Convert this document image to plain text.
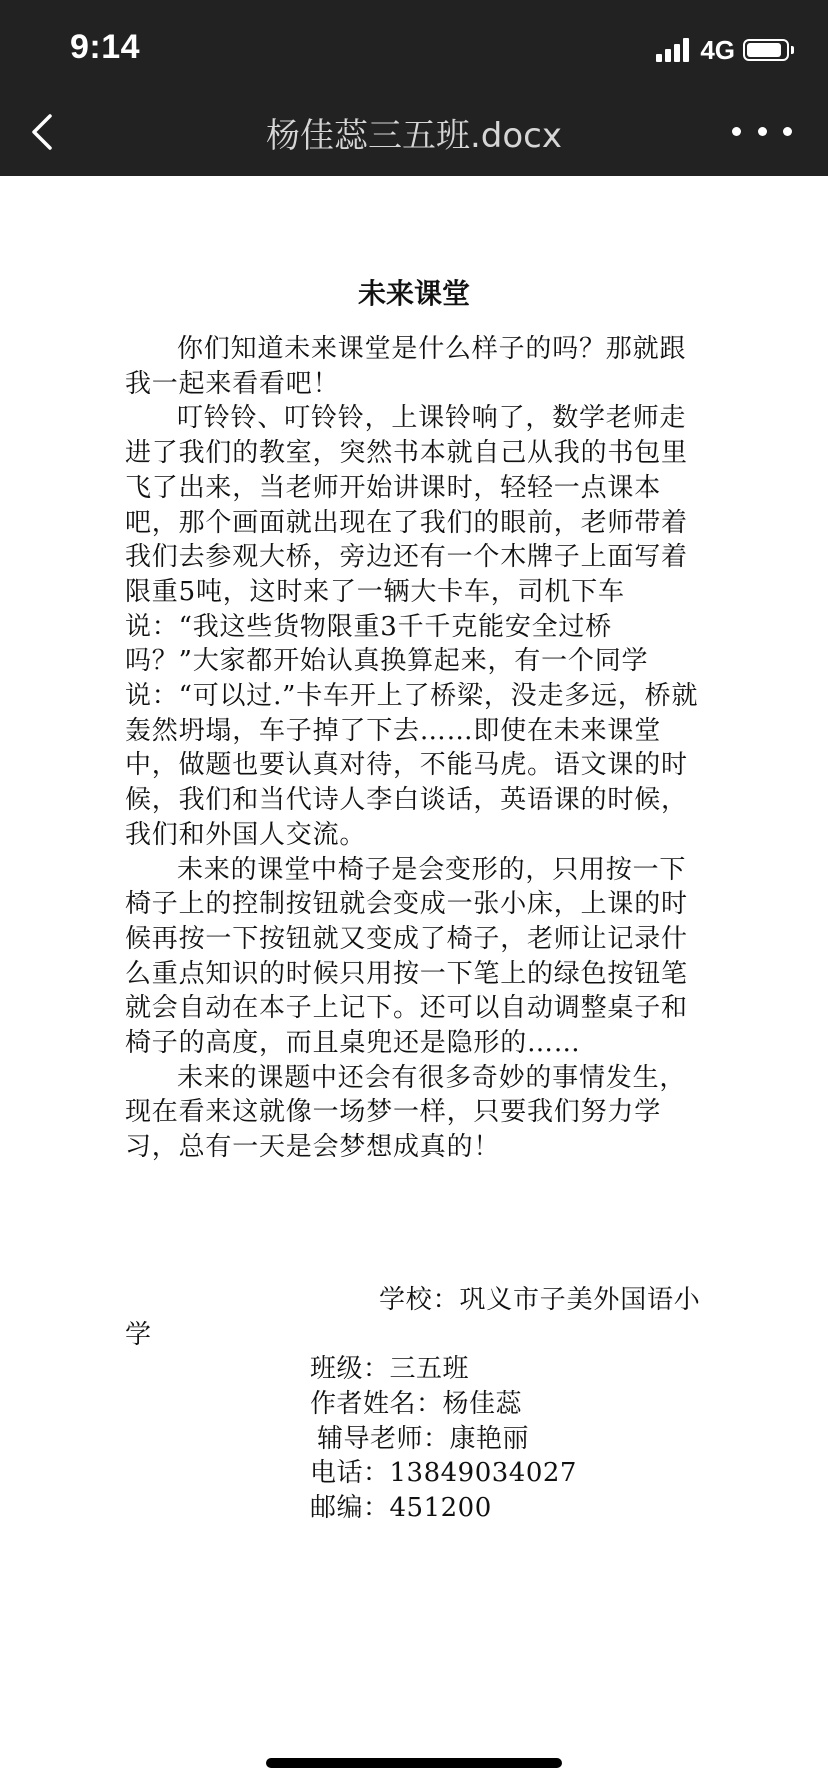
9:14	4G
杨佳蕊三五班.docx
未来课堂

你们知道未来课堂是什么样子的吗？那就跟我一起来看看吧！

叮铃铃、叮铃铃，上课铃响了，数学老师走进了我们的教室，突然书本就自己从我的书包里飞了出来，当老师开始讲课时，轻轻一点课本吧，那个画面就出现在了我们的眼前，老师带着我们去参观大桥，旁边还有一个木牌子上面写着限重5吨，这时来了一辆大卡车，司机下车说：“我这些货物限重3千千克能安全过桥吗？”大家都开始认真换算起来，有一个同学说：“可以过.”卡车开上了桥梁，没走多远，桥就轰然坍塌，车子掉了下去……即使在未来课堂中，做题也要认真对待，不能马虎。语文课的时候，我们和当代诗人李白谈话，英语课的时候，我们和外国人交流。

未来的课堂中椅子是会变形的，只用按一下椅子上的控制按钮就会变成一张小床，上课的时候再按一下按钮就又变成了椅子，老师让记录什么重点知识的时候只用按一下笔上的绿色按钮笔就会自动在本子上记下。还可以自动调整桌子和椅子的高度，而且桌兜还是隐形的……

未来的课题中还会有很多奇妙的事情发生，现在看来这就像一场梦一样，只要我们努力学习，总有一天是会梦想成真的！

学校：巩义市子美外国语小学

班级：三五班

作者姓名：杨佳蕊

辅导老师：康艳丽

电话：13849034027

邮编：451200
